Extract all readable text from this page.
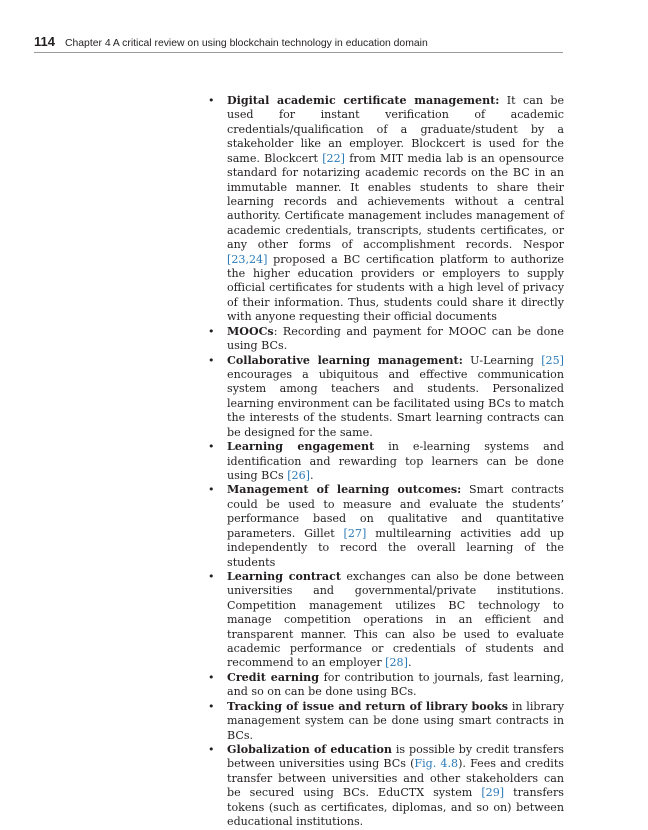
114 Chapter 4 A critical review on using blockchain technology in education domain
• Digital academic certificate management: It can be used for instant verification of academic credentials/qualification of a graduate/student by a stakeholder like an employer. Blockcert is used for the same. Blockcert [22] from MIT media lab is an opensource standard for notarizing academic records on the BC in an immutable manner. It enables students to share their learning records and achievements without a central authority. Certificate management includes management of academic credentials, transcripts, students certificates, or any other forms of accomplishment records. Nespor [23,24] proposed a BC certification platform to authorize the higher education providers or employers to supply official certificates for students with a high level of privacy of their information. Thus, students could share it directly with anyone requesting their official documents
• MOOCs: Recording and payment for MOOC can be done using BCs.
• Collaborative learning management: U-Learning [25] encourages a ubiquitous and effective communication system among teachers and students. Personalized learning environment can be facilitated using BCs to match the interests of the students. Smart learning contracts can be designed for the same.
• Learning engagement in e-learning systems and identification and rewarding top learners can be done using BCs [26].
• Management of learning outcomes: Smart contracts could be used to measure and evaluate the students’ performance based on qualitative and quantitative parameters. Gillet [27] multilearning activities add up independently to record the overall learning of the students
• Learning contract exchanges can also be done between universities and governmental/private institutions. Competition management utilizes BC technology to manage competition operations in an efficient and transparent manner. This can also be used to evaluate academic performance or credentials of students and recommend to an employer [28].
• Credit earning for contribution to journals, fast learning, and so on can be done using BCs.
• Tracking of issue and return of library books in library management system can be done using smart contracts in BCs.
• Globalization of education is possible by credit transfers between universities using BCs (Fig. 4.8). Fees and credits transfer between universities and other stakeholders can be secured using BCs. EduCTX system [29] transfers tokens (such as certificates, diplomas, and so on) between educational institutions.
